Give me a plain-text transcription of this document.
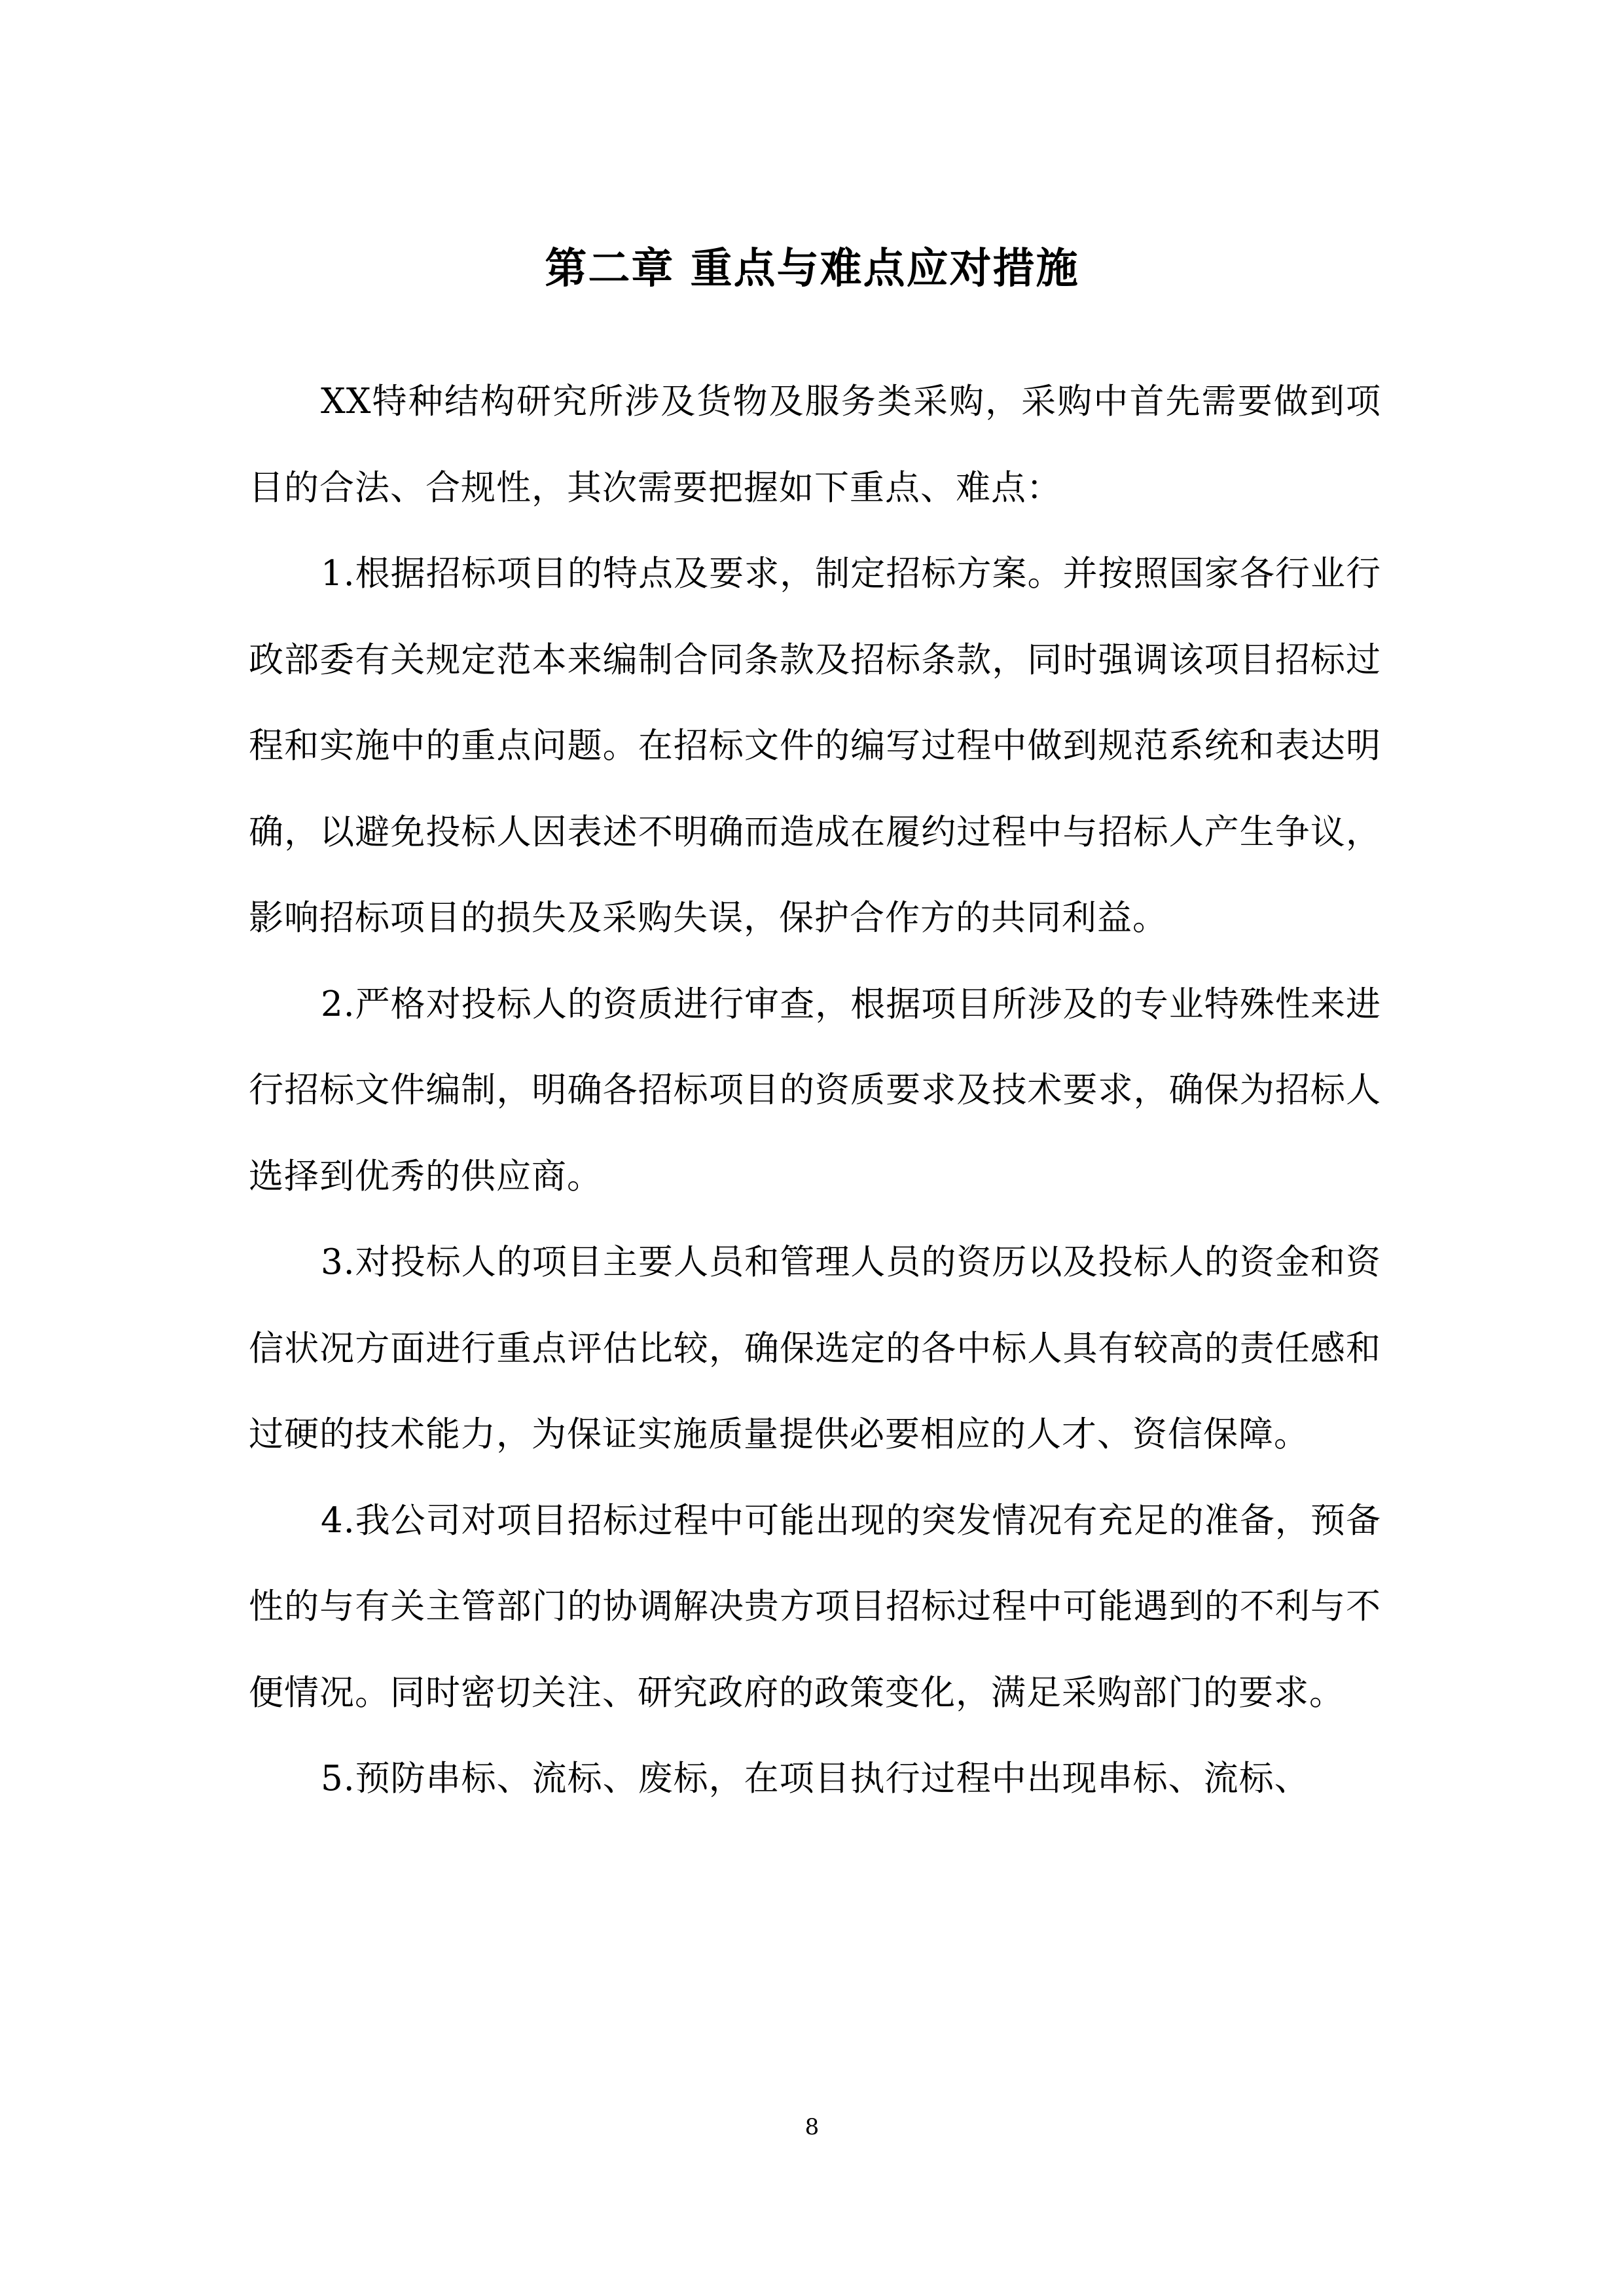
第二章 重点与难点应对措施

XX特种结构研究所涉及货物及服务类采购，采购中首先需要做到项目的合法、合规性，其次需要把握如下重点、难点：

1.根据招标项目的特点及要求，制定招标方案。并按照国家各行业行政部委有关规定范本来编制合同条款及招标条款，同时强调该项目招标过程和实施中的重点问题。在招标文件的编写过程中做到规范系统和表达明确，以避免投标人因表述不明确而造成在履约过程中与招标人产生争议，影响招标项目的损失及采购失误，保护合作方的共同利益。

2.严格对投标人的资质进行审查，根据项目所涉及的专业特殊性来进行招标文件编制，明确各招标项目的资质要求及技术要求，确保为招标人选择到优秀的供应商。

3.对投标人的项目主要人员和管理人员的资历以及投标人的资金和资信状况方面进行重点评估比较，确保选定的各中标人具有较高的责任感和过硬的技术能力，为保证实施质量提供必要相应的人才、资信保障。

4.我公司对项目招标过程中可能出现的突发情况有充足的准备，预备性的与有关主管部门的协调解决贵方项目招标过程中可能遇到的不利与不便情况。同时密切关注、研究政府的政策变化，满足采购部门的要求。

5.预防串标、流标、废标，在项目执行过程中出现串标、流标、

8
